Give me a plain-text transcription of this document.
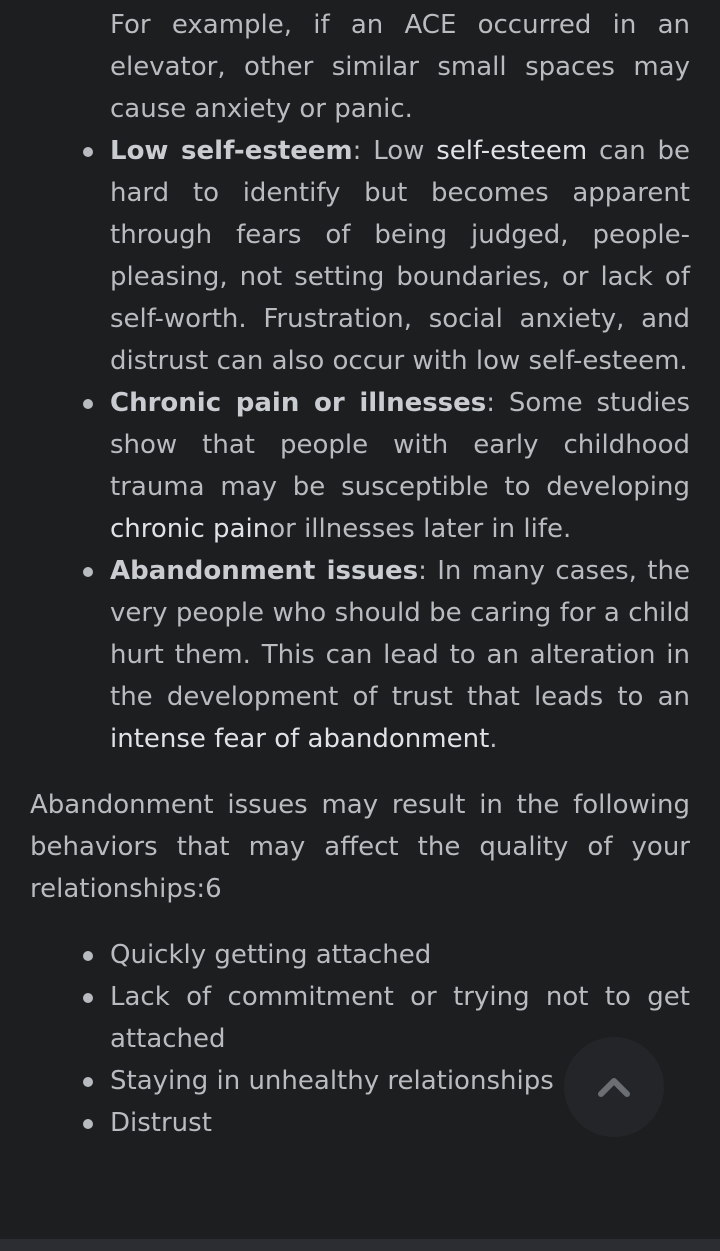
For example, if an ACE occurred in an elevator, other similar small spaces may cause anxiety or panic.

Low self-esteem: Low self-esteem can be hard to identify but becomes apparent through fears of being judged, people-pleasing, not setting boundaries, or lack of self-worth. Frustration, social anxiety, and distrust can also occur with low self-esteem.
Chronic pain or illnesses: Some studies show that people with early childhood trauma may be susceptible to developing chronic painor illnesses later in life.
Abandonment issues: In many cases, the very people who should be caring for a child hurt them. This can lead to an alteration in the development of trust that leads to an intense fear of abandonment.

Abandonment issues may result in the following behaviors that may affect the quality of your relationships:6

Quickly getting attached
Lack of commitment or trying not to get attached
Staying in unhealthy relationships
Distrust
